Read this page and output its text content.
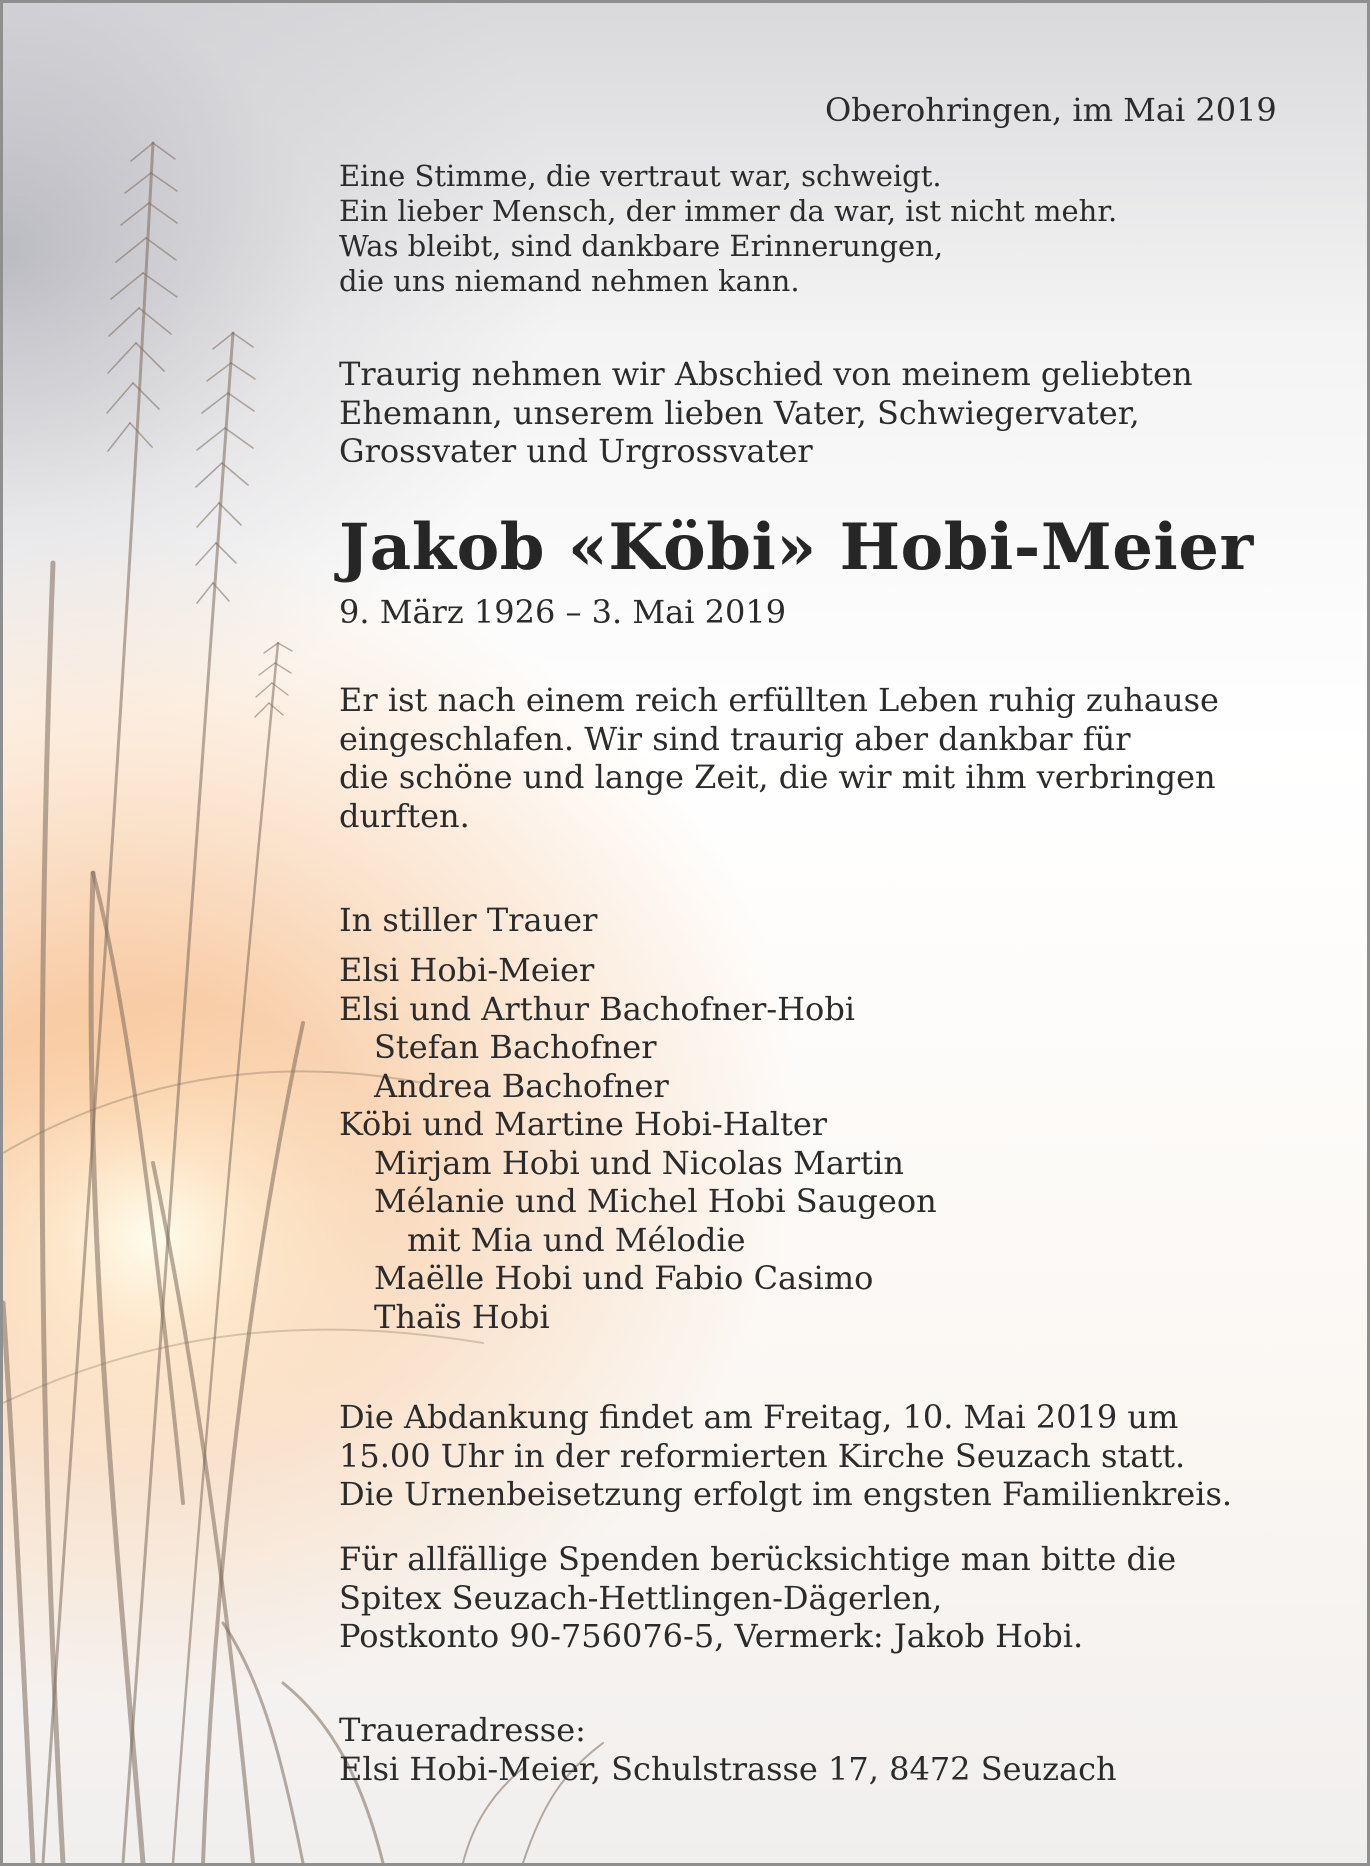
Oberohringen, im Mai 2019
Eine Stimme, die vertraut war, schweigt.
Ein lieber Mensch, der immer da war, ist nicht mehr.
Was bleibt, sind dankbare Erinnerungen,
die uns niemand nehmen kann.
Traurig nehmen wir Abschied von meinem geliebten
Ehemann, unserem lieben Vater, Schwiegervater,
Grossvater und Urgrossvater
Jakob «Köbi» Hobi-Meier
9. März 1926 – 3. Mai 2019
Er ist nach einem reich erfüllten Leben ruhig zuhause
eingeschlafen. Wir sind traurig aber dankbar für
die schöne und lange Zeit, die wir mit ihm verbringen
durften.
In stiller Trauer
Elsi Hobi-Meier
Elsi und Arthur Bachofner-Hobi
Stefan Bachofner
Andrea Bachofner
Köbi und Martine Hobi-Halter
Mirjam Hobi und Nicolas Martin
Mélanie und Michel Hobi Saugeon
mit Mia und Mélodie
Maëlle Hobi und Fabio Casimo
Thaïs Hobi
Die Abdankung findet am Freitag, 10. Mai 2019 um
15.00 Uhr in der reformierten Kirche Seuzach statt.
Die Urnenbeisetzung erfolgt im engsten Familienkreis.
Für allfällige Spenden berücksichtige man bitte die
Spitex Seuzach-Hettlingen-Dägerlen,
Postkonto 90-756076-5, Vermerk: Jakob Hobi.
Traueradresse:
Elsi Hobi-Meier, Schulstrasse 17, 8472 Seuzach
